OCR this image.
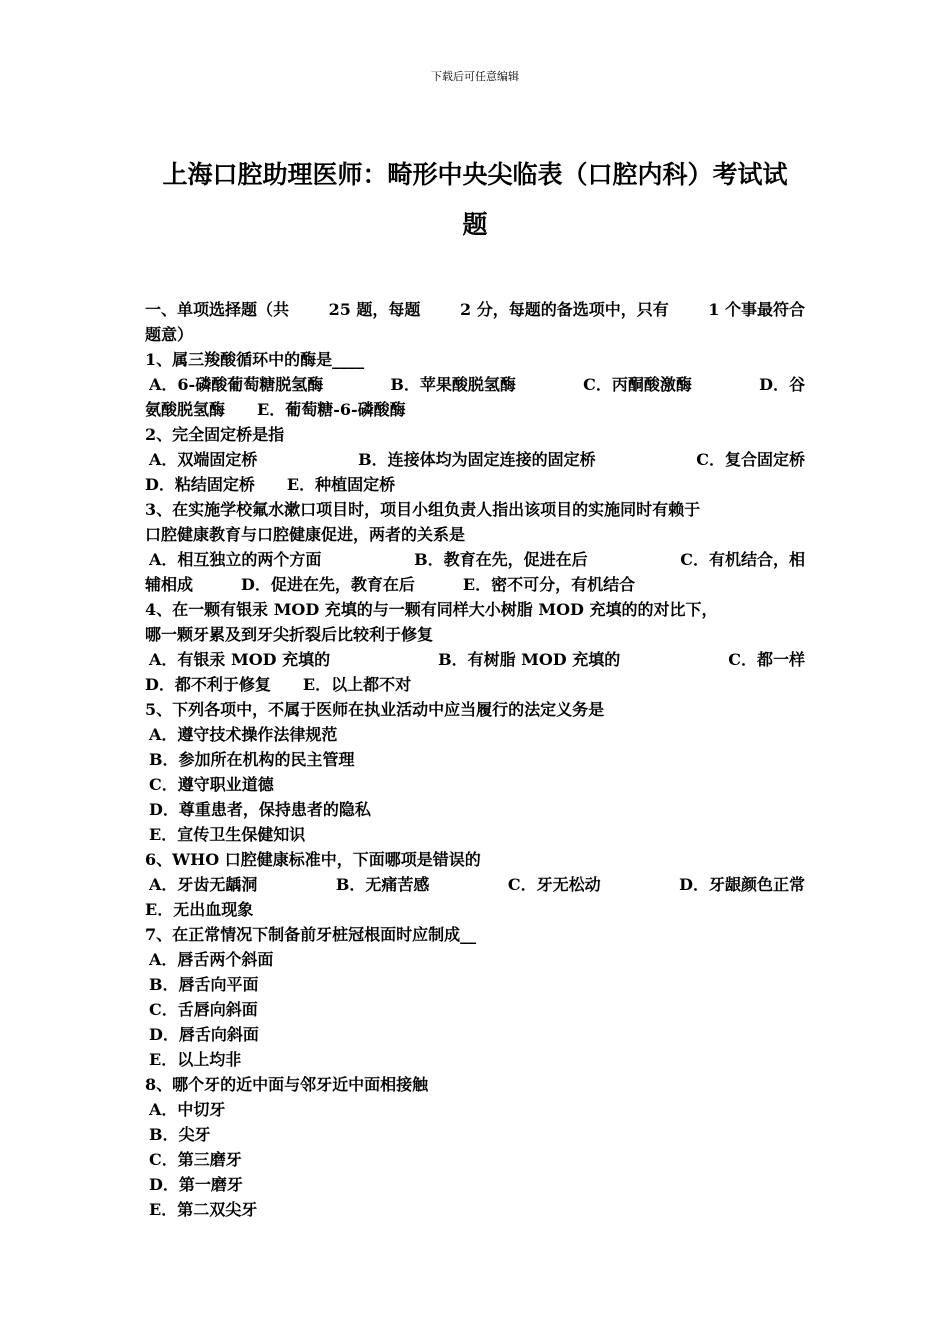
下载后可任意编辑
上海口腔助理医师：畸形中央尖临表（口腔内科）考试试
题
一、单项选择题（共 25 题，每题 2 分，每题的备选项中，只有 1 个事最符合
题意）
1、属三羧酸循环中的酶是____
A．6-磷酸葡萄糖脱氢酶	B．苹果酸脱氢酶	C．丙酮酸激酶	D．谷
氨酸脱氢酶　　E．葡萄糖-6-磷酸酶
2、完全固定桥是指
A．双端固定桥	B．连接体均为固定连接的固定桥	C．复合固定桥
D．粘结固定桥　　E．种植固定桥
3、在实施学校氟水漱口项目时，项目小组负责人指出该项目的实施同时有赖于
口腔健康教育与口腔健康促进，两者的关系是
A．相互独立的两个方面	B．教育在先，促进在后	C．有机结合，相
辅相成　　　D．促进在先，教育在后　　　E．密不可分，有机结合
4、在一颗有银汞 MOD 充填的与一颗有同样大小树脂 MOD 充填的的对比下，
哪一颗牙累及到牙尖折裂后比较利于修复
A．有银汞 MOD 充填的	B．有树脂 MOD 充填的	C．都一样
D．都不利于修复　　E．以上都不对
5、下列各项中，不属于医师在执业活动中应当履行的法定义务是
A．遵守技术操作法律规范
B．参加所在机构的民主管理
C．遵守职业道德
D．尊重患者，保持患者的隐私
E．宣传卫生保健知识
6、WHO 口腔健康标准中，下面哪项是错误的
A．牙齿无龋洞	B．无痛苦感	C．牙无松动	D．牙龈颜色正常
E．无出血现象
7、在正常情况下制备前牙桩冠根面时应制成__
A．唇舌两个斜面
B．唇舌向平面
C．舌唇向斜面
D．唇舌向斜面
E．以上均非
8、哪个牙的近中面与邻牙近中面相接触
A．中切牙
B．尖牙
C．第三磨牙
D．第一磨牙
E．第二双尖牙
